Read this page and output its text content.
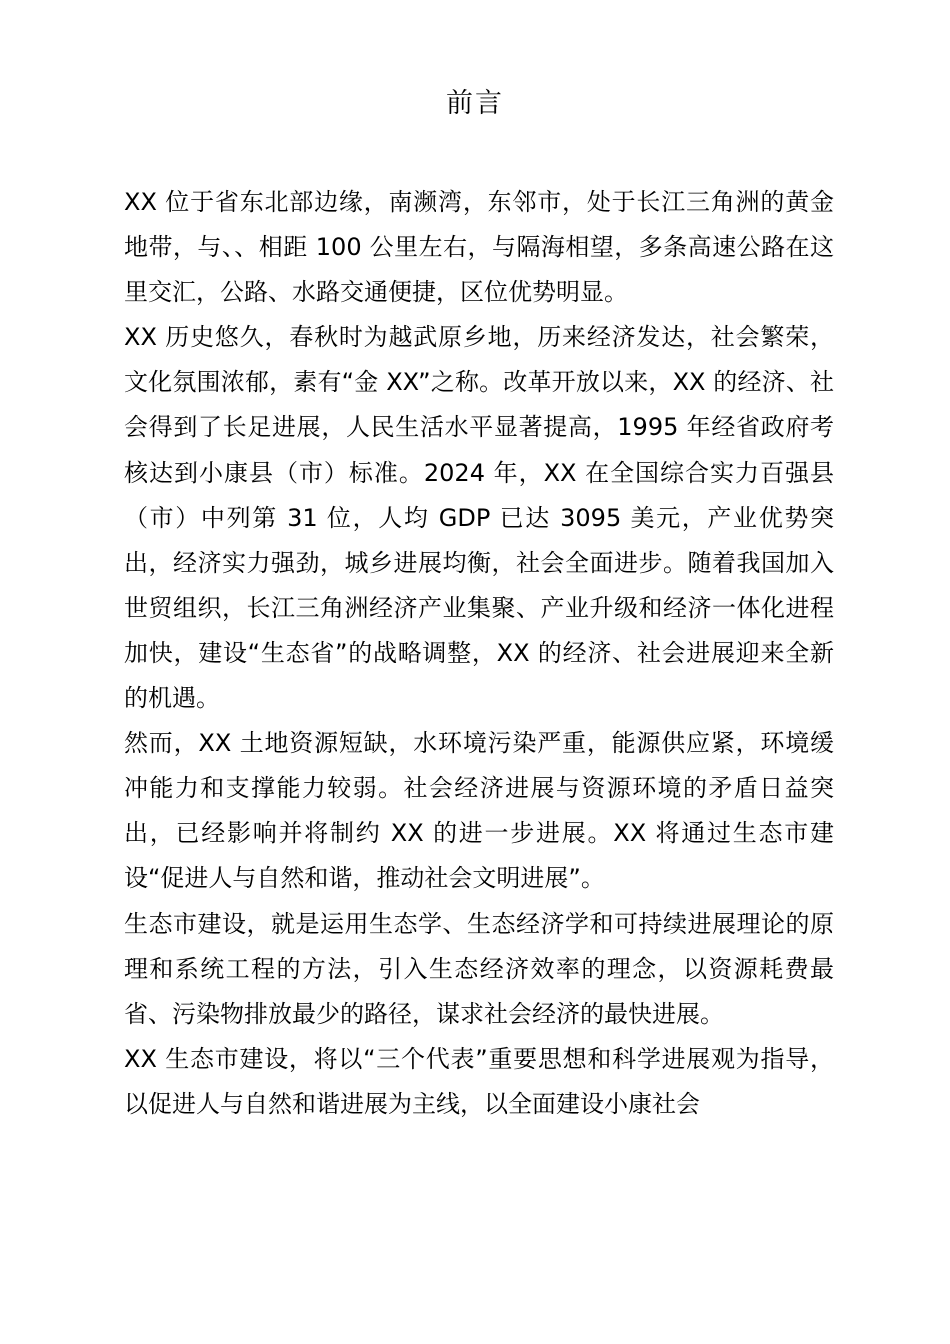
前言

XX 位于省东北部边缘，南濒湾，东邻市，处于长江三角洲的黄金地带，与、、相距 100 公里左右，与隔海相望，多条高速公路在这里交汇，公路、水路交通便捷，区位优势明显。

XX 历史悠久，春秋时为越武原乡地，历来经济发达，社会繁荣，文化氛围浓郁，素有“金 XX”之称。改革开放以来，XX 的经济、社会得到了长足进展，人民生活水平显著提高，1995 年经省政府考核达到小康县（市）标准。2024 年，XX 在全国综合实力百强县（市）中列第 31 位，人均 GDP 已达 3095 美元，产业优势突出，经济实力强劲，城乡进展均衡，社会全面进步。随着我国加入世贸组织，长江三角洲经济产业集聚、产业升级和经济一体化进程加快，建设“生态省”的战略调整，XX 的经济、社会进展迎来全新的机遇。

然而，XX 土地资源短缺，水环境污染严重，能源供应紧，环境缓冲能力和支撑能力较弱。社会经济进展与资源环境的矛盾日益突出，已经影响并将制约 XX 的进一步进展。XX 将通过生态市建设“促进人与自然和谐，推动社会文明进展”。

生态市建设，就是运用生态学、生态经济学和可持续进展理论的原理和系统工程的方法，引入生态经济效率的理念，以资源耗费最省、污染物排放最少的路径，谋求社会经济的最快进展。

XX 生态市建设，将以“三个代表”重要思想和科学进展观为指导，以促进人与自然和谐进展为主线，以全面建设小康社会
